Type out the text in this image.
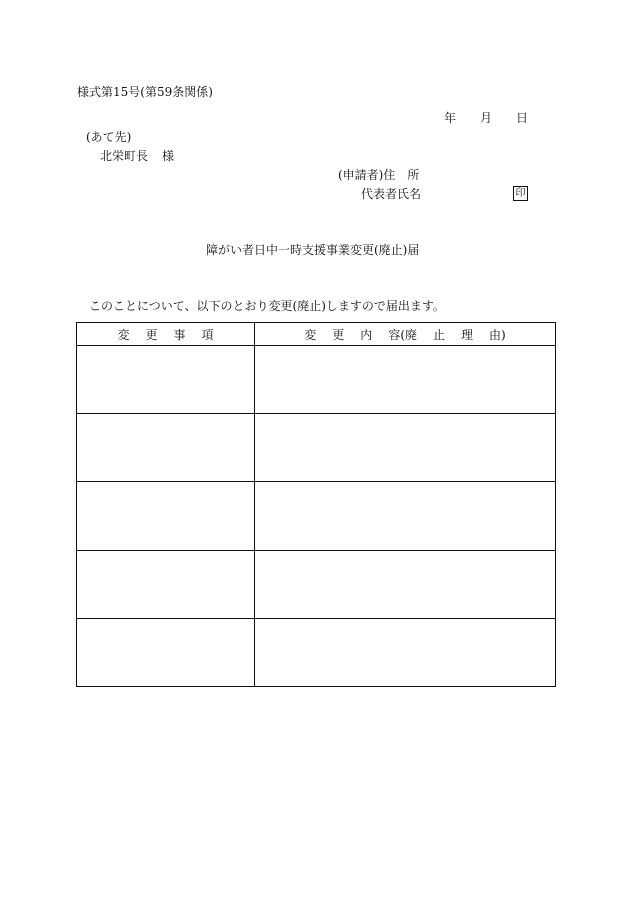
様式第15号(第59条関係)
年 月 日
(あて先)
北栄町長 様
(申請者)住 所
代表者氏名	印
障がい者日中一時支援事業変更(廃止)届
このことについて、以下のとおり変更(廃止)しますので届出ます。
変 更 事 項	変 更 内 容(廃 止 理 由)
